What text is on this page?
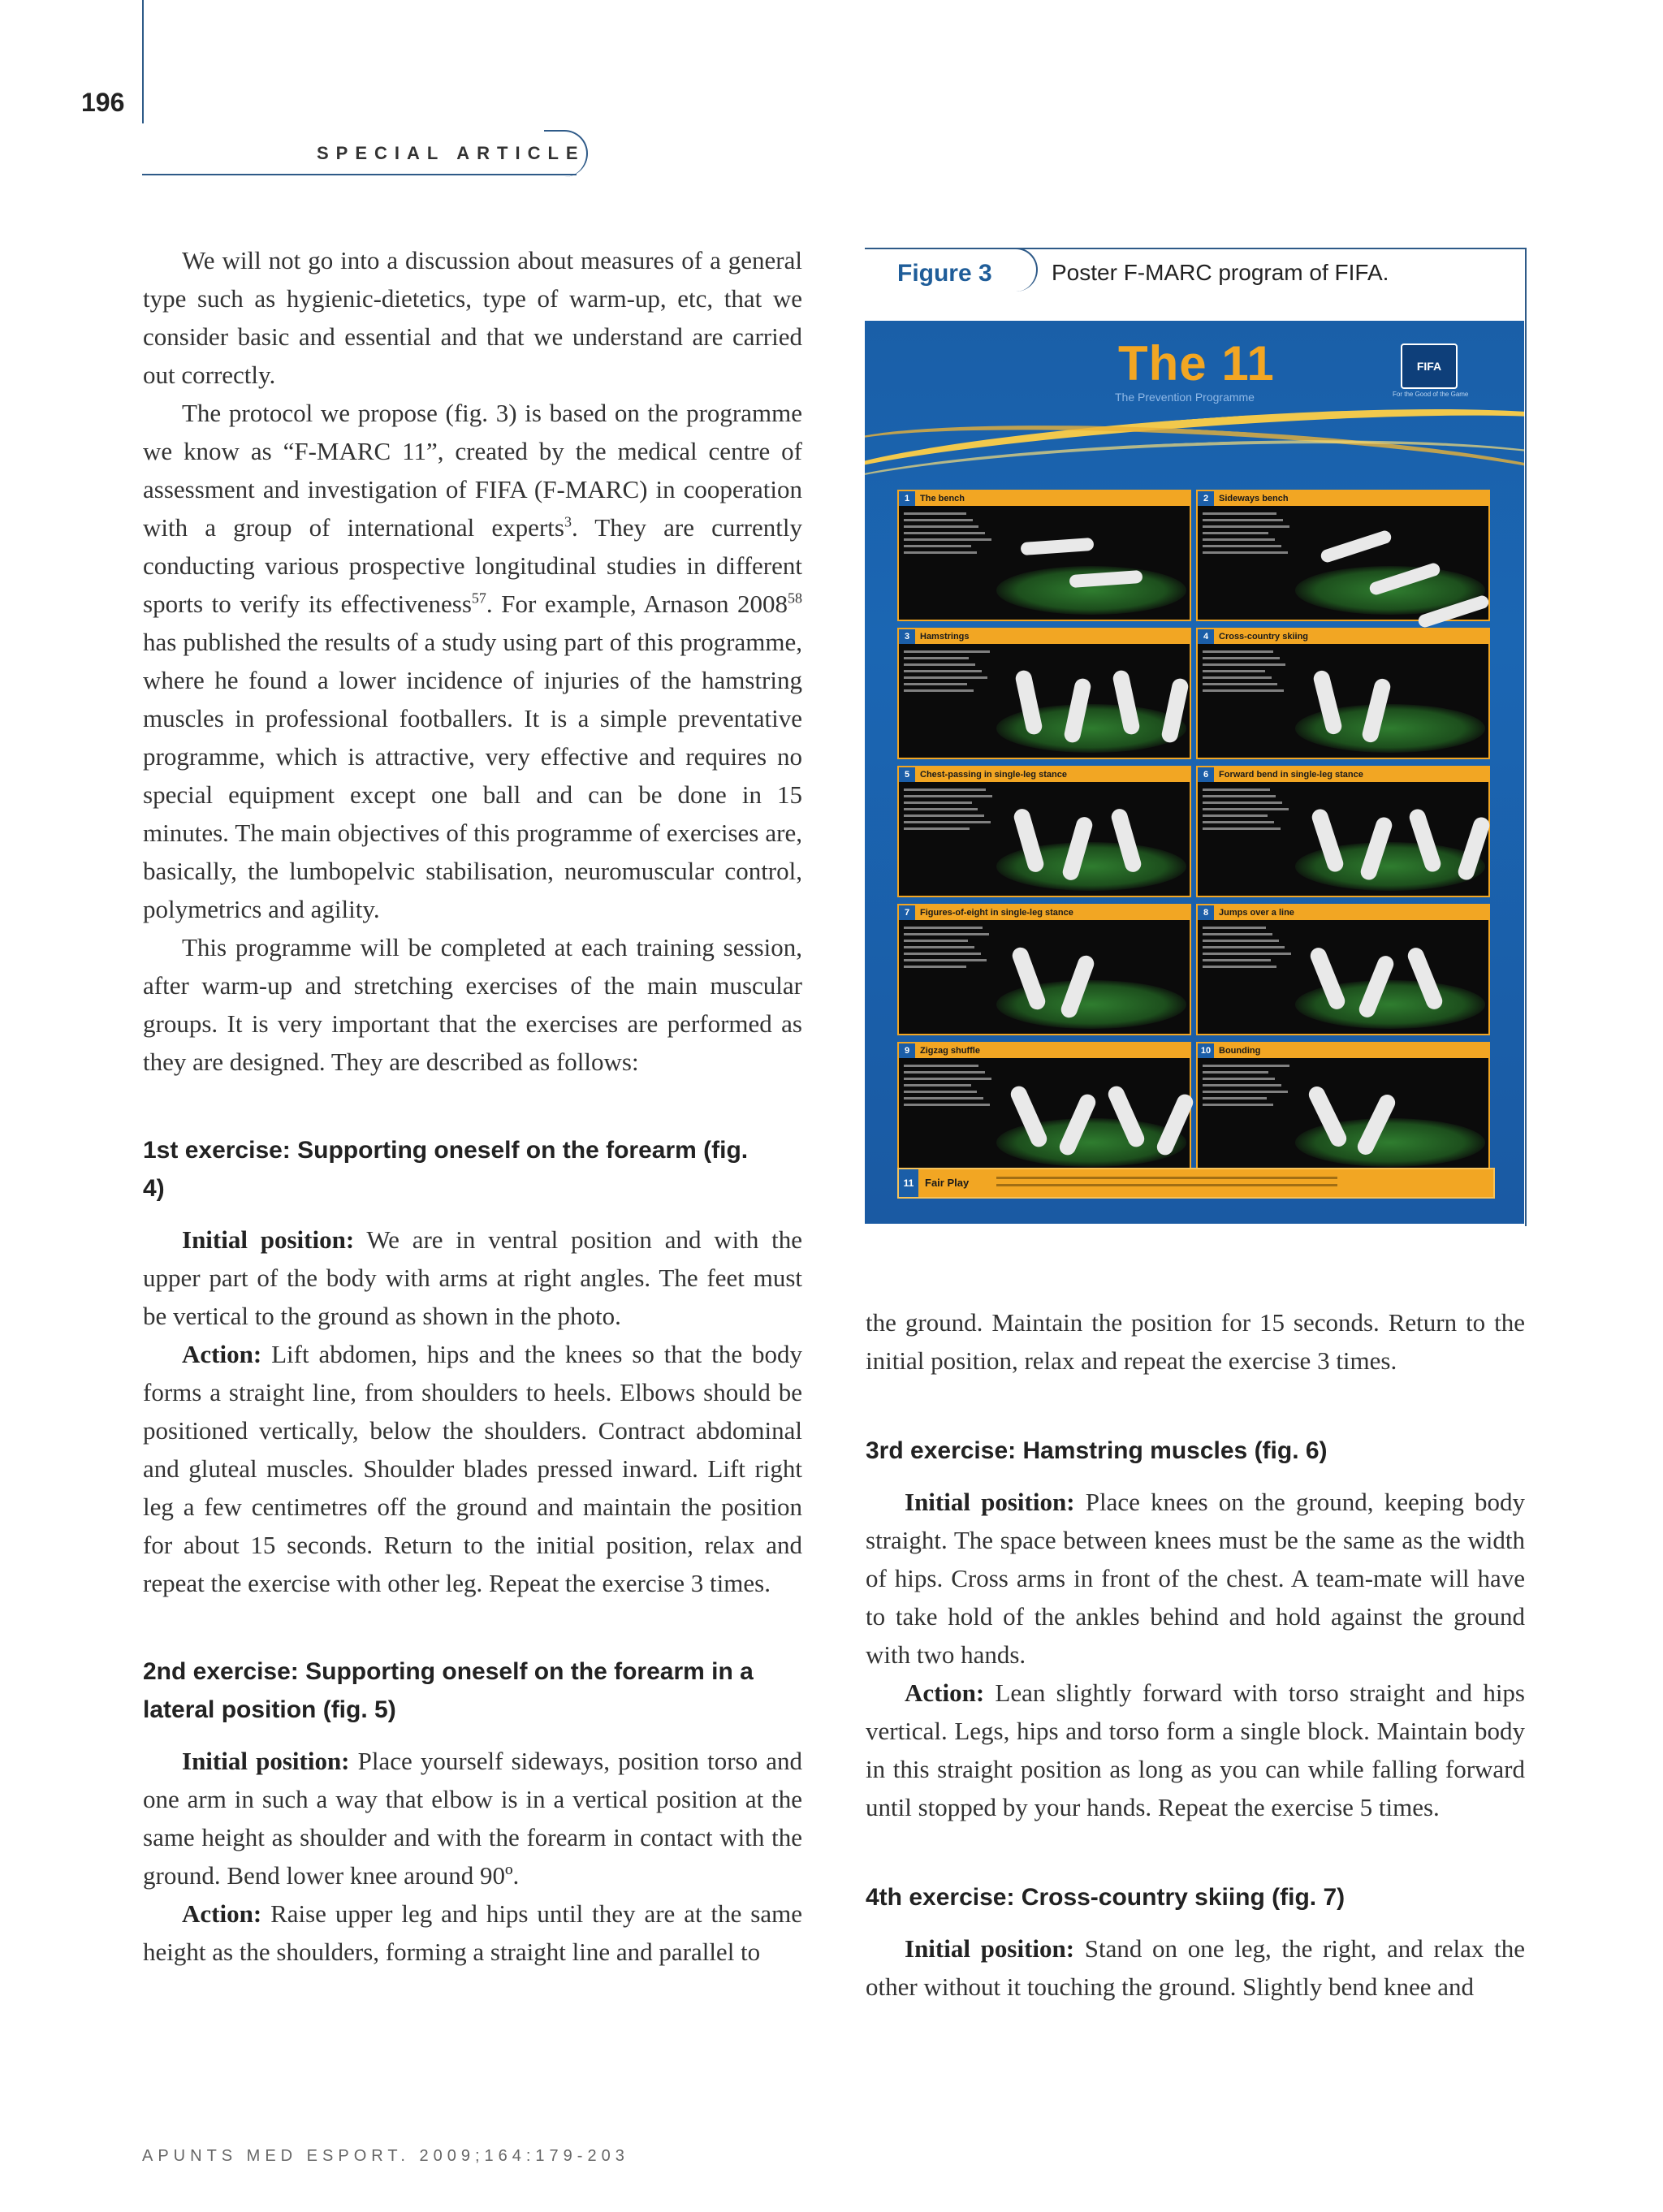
196
SPECIAL ARTICLE

We will not go into a discussion about measures of a general type such as hygienic-dietetics, type of warm-up, etc, that we consider basic and essential and that we understand are carried out correctly.

The protocol we propose (fig. 3) is based on the programme we know as “F-MARC 11”, created by the medical centre of assessment and investigation of FIFA (F-MARC) in cooperation with a group of international experts$^3$. They are currently conducting various prospective longitudinal studies in different sports to verify its effectiveness$^{57}$. For example, Arnason 2008$^{58}$ has published the results of a study using part of this programme, where he found a lower incidence of injuries of the hamstring muscles in professional footballers. It is a simple preventative programme, which is attractive, very effective and requires no special equipment except one ball and can be done in 15 minutes. The main objectives of this programme of exercises are, basically, the lumbopelvic stabilisation, neuromuscular control, polymetrics and agility.

This programme will be completed at each training session, after warm-up and stretching exercises of the main muscular groups. It is very important that the exercises are performed as they are designed. They are described as follows:

1st exercise: Supporting oneself on the forearm (fig. 4)

Initial position: We are in ventral position and with the upper part of the body with arms at right angles. The feet must be vertical to the ground as shown in the photo.

Action: Lift abdomen, hips and the knees so that the body forms a straight line, from shoulders to heels. Elbows should be positioned vertically, below the shoulders. Contract abdominal and gluteal muscles. Shoulder blades pressed inward. Lift right leg a few centimetres off the ground and maintain the position for about 15 seconds. Return to the initial position, relax and repeat the exercise with other leg. Repeat the exercise 3 times.

2nd exercise: Supporting oneself on the forearm in a lateral position (fig. 5)

Initial position: Place yourself sideways, position torso and one arm in such a way that elbow is in a vertical position at the same height as shoulder and with the forearm in contact with the ground. Bend lower knee around 90º.

Action: Raise upper leg and hips until they are at the same height as the shoulders, forming a straight line and parallel to

Figure 3	Poster F-MARC program of FIFA.
The 11
The Prevention Programme
FIFA
For the Good of the Game
The bench
1	Sideways bench
2
Hamstrings
3	Cross-country skiing
4
Chest-passing in single-leg stance
5	Forward bend in single-leg stance
6
Figures-of-eight in single-leg stance
7	Jumps over a line
8
Zigzag shuffle
9	Bounding
10
11	Fair Play

the ground. Maintain the position for 15 seconds. Return to the initial position, relax and repeat the exercise 3 times.

3rd exercise: Hamstring muscles (fig. 6)

Initial position: Place knees on the ground, keeping body straight. The space between knees must be the same as the width of hips. Cross arms in front of the chest. A team-mate will have to take hold of the ankles behind and hold against the ground with two hands.

Action: Lean slightly forward with torso straight and hips vertical. Legs, hips and torso form a single block. Maintain body in this straight position as long as you can while falling forward until stopped by your hands. Repeat the exercise 5 times.

4th exercise: Cross-country skiing (fig. 7)

Initial position: Stand on one leg, the right, and relax the other without it touching the ground. Slightly bend knee and

APUNTS MED ESPORT. 2009;164:179-203
